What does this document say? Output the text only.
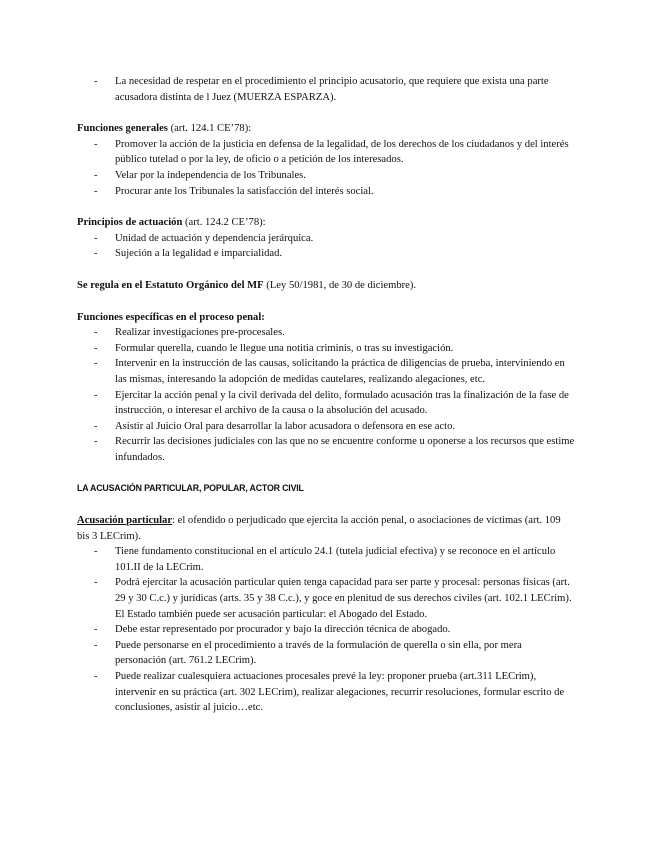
- La necesidad de respetar en el procedimiento el principio acusatorio, que requiere que exista una parte acusadora distinta de l Juez (MUERZA ESPARZA).

Funciones generales (art. 124.1 CE’78):

- Promover la acción de la justicia en defensa de la legalidad, de los derechos de los ciudadanos y del interés público tutelad o por la ley, de oficio o a petición de los interesados.
- Velar por la independencia de los Tribunales.
- Procurar ante los Tribunales la satisfacción del interés social.

Principios de actuación (art. 124.2 CE’78):

- Unidad de actuación y dependencia jerárquica.
- Sujeción a la legalidad e imparcialidad.

Se regula en el Estatuto Orgánico del MF (Ley 50/1981, de 30 de diciembre).

Funciones específicas en el proceso penal:

- Realizar investigaciones pre-procesales.
- Formular querella, cuando le llegue una notitia criminis, o tras su investigación.
- Intervenir en la instrucción de las causas, solicitando la práctica de diligencias de prueba, interviniendo en las mismas, interesando la adopción de medidas cautelares, realizando alegaciones, etc.
- Ejercitar la acción penal y la civil derivada del delito, formulado acusación tras la finalización de la fase de instrucción, o interesar el archivo de la causa o la absolución del acusado.
- Asistir al Juicio Oral para desarrollar la labor acusadora o defensora en ese acto.
- Recurrir las decisiones judiciales con las que no se encuentre conforme u oponerse a los recursos que estime infundados.

LA ACUSACIÓN PARTICULAR, POPULAR, ACTOR CIVIL

Acusación particular: el ofendido o perjudicado que ejercita la acción penal, o asociaciones de víctimas (art. 109 bis 3 LECrim).

- Tiene fundamento constitucional en el artículo 24.1 (tutela judicial efectiva) y se reconoce en el artículo 101.II de la LECrim.
- Podrá ejercitar la acusación particular quien tenga capacidad para ser parte y procesal: personas físicas (art. 29 y 30 C.c.) y jurídicas (arts. 35 y 38 C.c.), y goce en plenitud de sus derechos civiles (art. 102.1 LECrim). El Estado también puede ser acusación particular: el Abogado del Estado.
- Debe estar representado por procurador y bajo la dirección técnica de abogado.
- Puede personarse en el procedimiento a través de la formulación de querella o sin ella, por mera personación (art. 761.2 LECrim).
- Puede realizar cualesquiera actuaciones procesales prevé la ley: proponer prueba (art.311 LECrim), intervenir en su práctica (art. 302 LECrim), realizar alegaciones, recurrir resoluciones, formular escrito de conclusiones, asistir al juicio…etc.
